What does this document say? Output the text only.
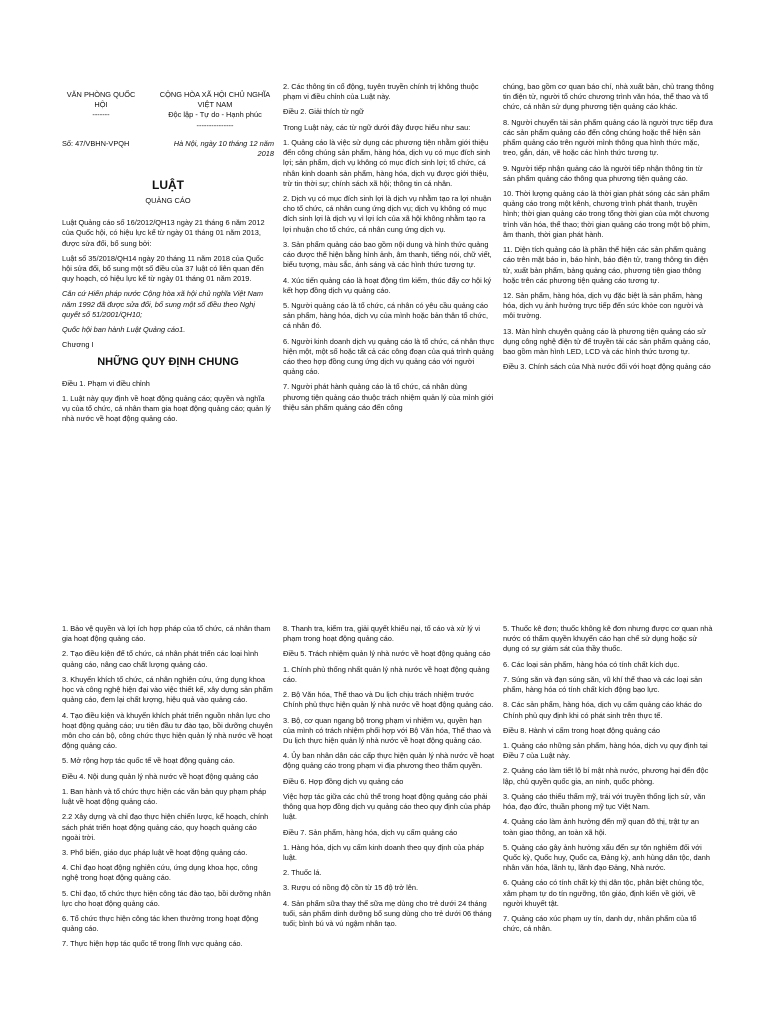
VĂN PHÒNG QUỐC HỘI
-------
CỘNG HÒA XÃ HỘI CHỦ NGHĨA VIỆT NAM
Độc lập - Tự do - Hạnh phúc
---------------
Số: 47/VBHN-VPQH	Hà Nội, ngày 10 tháng 12 năm 2018
LUẬT
QUẢNG CÁO

Luật Quảng cáo số 16/2012/QH13 ngày 21 tháng 6 năm 2012 của Quốc hội, có hiệu lực kể từ ngày 01 tháng 01 năm 2013, được sửa đổi, bổ sung bởi:

Luật số 35/2018/QH14 ngày 20 tháng 11 năm 2018 của Quốc hội sửa đổi, bổ sung một số điều của 37 luật có liên quan đến quy hoạch, có hiệu lực kể từ ngày 01 tháng 01 năm 2019.

Căn cứ Hiến pháp nước Cộng hòa xã hội chủ nghĩa Việt Nam năm 1992 đã được sửa đổi, bổ sung một số điều theo Nghị quyết số 51/2001/QH10;

Quốc hội ban hành Luật Quảng cáo1.

Chương I

NHỮNG QUY ĐỊNH CHUNG

Điều 1. Phạm vi điều chỉnh

1. Luật này quy định về hoạt động quảng cáo; quyền và nghĩa vụ của tổ chức, cá nhân tham gia hoạt động quảng cáo; quản lý nhà nước về hoạt động quảng cáo.

2. Các thông tin cổ động, tuyên truyền chính trị không thuộc phạm vi điều chỉnh của Luật này.

Điều 2. Giải thích từ ngữ

Trong Luật này, các từ ngữ dưới đây được hiểu như sau:

1. Quảng cáo là việc sử dụng các phương tiện nhằm giới thiệu đến công chúng sản phẩm, hàng hóa, dịch vụ có mục đích sinh lợi; sản phẩm, dịch vụ không có mục đích sinh lợi; tổ chức, cá nhân kinh doanh sản phẩm, hàng hóa, dịch vụ được giới thiệu, trừ tin thời sự; chính sách xã hội; thông tin cá nhân.

2. Dịch vụ có mục đích sinh lợi là dịch vụ nhằm tạo ra lợi nhuận cho tổ chức, cá nhân cung ứng dịch vụ; dịch vụ không có mục đích sinh lợi là dịch vụ vì lợi ích của xã hội không nhằm tạo ra lợi nhuận cho tổ chức, cá nhân cung ứng dịch vụ.

3. Sản phẩm quảng cáo bao gồm nội dung và hình thức quảng cáo được thể hiện bằng hình ảnh, âm thanh, tiếng nói, chữ viết, biểu tượng, màu sắc, ánh sáng và các hình thức tương tự.

4. Xúc tiến quảng cáo là hoạt động tìm kiếm, thúc đẩy cơ hội ký kết hợp đồng dịch vụ quảng cáo.

5. Người quảng cáo là tổ chức, cá nhân có yêu cầu quảng cáo sản phẩm, hàng hóa, dịch vụ của mình hoặc bản thân tổ chức, cá nhân đó.

6. Người kinh doanh dịch vụ quảng cáo là tổ chức, cá nhân thực hiện một, một số hoặc tất cả các công đoạn của quá trình quảng cáo theo hợp đồng cung ứng dịch vụ quảng cáo với người quảng cáo.

7. Người phát hành quảng cáo là tổ chức, cá nhân dùng phương tiện quảng cáo thuộc trách nhiệm quản lý của mình giới thiệu sản phẩm quảng cáo đến công

chúng, bao gồm cơ quan báo chí, nhà xuất bản, chủ trang thông tin điện tử, người tổ chức chương trình văn hóa, thể thao và tổ chức, cá nhân sử dụng phương tiện quảng cáo khác.

8. Người chuyển tải sản phẩm quảng cáo là người trực tiếp đưa các sản phẩm quảng cáo đến công chúng hoặc thể hiện sản phẩm quảng cáo trên người mình thông qua hình thức mặc, treo, gắn, dán, vẽ hoặc các hình thức tương tự.

9. Người tiếp nhận quảng cáo là người tiếp nhận thông tin từ sản phẩm quảng cáo thông qua phương tiện quảng cáo.

10. Thời lượng quảng cáo là thời gian phát sóng các sản phẩm quảng cáo trong một kênh, chương trình phát thanh, truyền hình; thời gian quảng cáo trong tổng thời gian của một chương trình văn hóa, thể thao; thời gian quảng cáo trong một bộ phim, âm thanh, thời gian phát hành.

11. Diện tích quảng cáo là phần thể hiện các sản phẩm quảng cáo trên mặt báo in, báo hình, báo điện tử, trang thông tin điện tử, xuất bản phẩm, bảng quảng cáo, phương tiện giao thông hoặc trên các phương tiện quảng cáo tương tự.

12. Sản phẩm, hàng hóa, dịch vụ đặc biệt là sản phẩm, hàng hóa, dịch vụ ảnh hưởng trực tiếp đến sức khỏe con người và môi trường.

13. Màn hình chuyên quảng cáo là phương tiện quảng cáo sử dụng công nghệ điện tử để truyền tải các sản phẩm quảng cáo, bao gồm màn hình LED, LCD và các hình thức tương tự.

Điều 3. Chính sách của Nhà nước đối với hoạt động quảng cáo

1. Bảo vệ quyền và lợi ích hợp pháp của tổ chức, cá nhân tham gia hoạt động quảng cáo.

2. Tạo điều kiện để tổ chức, cá nhân phát triển các loại hình quảng cáo, nâng cao chất lượng quảng cáo.

3. Khuyến khích tổ chức, cá nhân nghiên cứu, ứng dụng khoa học và công nghệ hiện đại vào việc thiết kế, xây dựng sản phẩm quảng cáo, đem lại chất lượng, hiệu quả vào quảng cáo.

4. Tạo điều kiện và khuyến khích phát triển nguồn nhân lực cho hoạt động quảng cáo; ưu tiên đầu tư đào tạo, bồi dưỡng chuyên môn cho cán bộ, công chức thực hiện quản lý nhà nước về hoạt động quảng cáo.

5. Mở rộng hợp tác quốc tế về hoạt động quảng cáo.

Điều 4. Nội dung quản lý nhà nước về hoạt động quảng cáo

1. Ban hành và tổ chức thực hiện các văn bản quy phạm pháp luật về hoạt động quảng cáo.

2.2 Xây dựng và chỉ đạo thực hiện chiến lược, kế hoạch, chính sách phát triển hoạt động quảng cáo, quy hoạch quảng cáo ngoài trời.

3. Phổ biến, giáo dục pháp luật về hoạt động quảng cáo.

4. Chỉ đạo hoạt động nghiên cứu, ứng dụng khoa học, công nghệ trong hoạt động quảng cáo.

5. Chỉ đạo, tổ chức thực hiện công tác đào tạo, bồi dưỡng nhân lực cho hoạt động quảng cáo.

6. Tổ chức thực hiện công tác khen thưởng trong hoạt động quảng cáo.

7. Thực hiện hợp tác quốc tế trong lĩnh vực quảng cáo.

8. Thanh tra, kiểm tra, giải quyết khiếu nại, tố cáo và xử lý vi phạm trong hoạt động quảng cáo.

Điều 5. Trách nhiệm quản lý nhà nước về hoạt động quảng cáo

1. Chính phủ thống nhất quản lý nhà nước về hoạt động quảng cáo.

2. Bộ Văn hóa, Thể thao và Du lịch chịu trách nhiệm trước Chính phủ thực hiện quản lý nhà nước về hoạt động quảng cáo.

3. Bộ, cơ quan ngang bộ trong phạm vi nhiệm vụ, quyền hạn của mình có trách nhiệm phối hợp với Bộ Văn hóa, Thể thao và Du lịch thực hiện quản lý nhà nước về hoạt động quảng cáo.

4. Ủy ban nhân dân các cấp thực hiện quản lý nhà nước về hoạt động quảng cáo trong phạm vi địa phương theo thẩm quyền.

Điều 6. Hợp đồng dịch vụ quảng cáo

Việc hợp tác giữa các chủ thể trong hoạt động quảng cáo phải thông qua hợp đồng dịch vụ quảng cáo theo quy định của pháp luật.

Điều 7. Sản phẩm, hàng hóa, dịch vụ cấm quảng cáo

1. Hàng hóa, dịch vụ cấm kinh doanh theo quy định của pháp luật.

2. Thuốc lá.

3. Rượu có nồng độ cồn từ 15 độ trở lên.

4. Sản phẩm sữa thay thế sữa mẹ dùng cho trẻ dưới 24 tháng tuổi, sản phẩm dinh dưỡng bổ sung dùng cho trẻ dưới 06 tháng tuổi; bình bú và vú ngậm nhân tạo.

5. Thuốc kê đơn; thuốc không kê đơn nhưng được cơ quan nhà nước có thẩm quyền khuyến cáo hạn chế sử dụng hoặc sử dụng có sự giám sát của thầy thuốc.

6. Các loại sản phẩm, hàng hóa có tính chất kích dục.

7. Súng săn và đạn súng săn, vũ khí thể thao và các loại sản phẩm, hàng hóa có tính chất kích động bạo lực.

8. Các sản phẩm, hàng hóa, dịch vụ cấm quảng cáo khác do Chính phủ quy định khi có phát sinh trên thực tế.

Điều 8. Hành vi cấm trong hoạt động quảng cáo

1. Quảng cáo những sản phẩm, hàng hóa, dịch vụ quy định tại Điều 7 của Luật này.

2. Quảng cáo làm tiết lộ bí mật nhà nước, phương hại đến độc lập, chủ quyền quốc gia, an ninh, quốc phòng.

3. Quảng cáo thiếu thẩm mỹ, trái với truyền thống lịch sử, văn hóa, đạo đức, thuần phong mỹ tục Việt Nam.

4. Quảng cáo làm ảnh hưởng đến mỹ quan đô thị, trật tự an toàn giao thông, an toàn xã hội.

5. Quảng cáo gây ảnh hưởng xấu đến sự tôn nghiêm đối với Quốc kỳ, Quốc huy, Quốc ca, Đảng kỳ, anh hùng dân tộc, danh nhân văn hóa, lãnh tụ, lãnh đạo Đảng, Nhà nước.

6. Quảng cáo có tính chất kỳ thị dân tộc, phân biệt chủng tộc, xâm phạm tự do tín ngưỡng, tôn giáo, định kiến về giới, về người khuyết tật.

7. Quảng cáo xúc phạm uy tín, danh dự, nhân phẩm của tổ chức, cá nhân.
